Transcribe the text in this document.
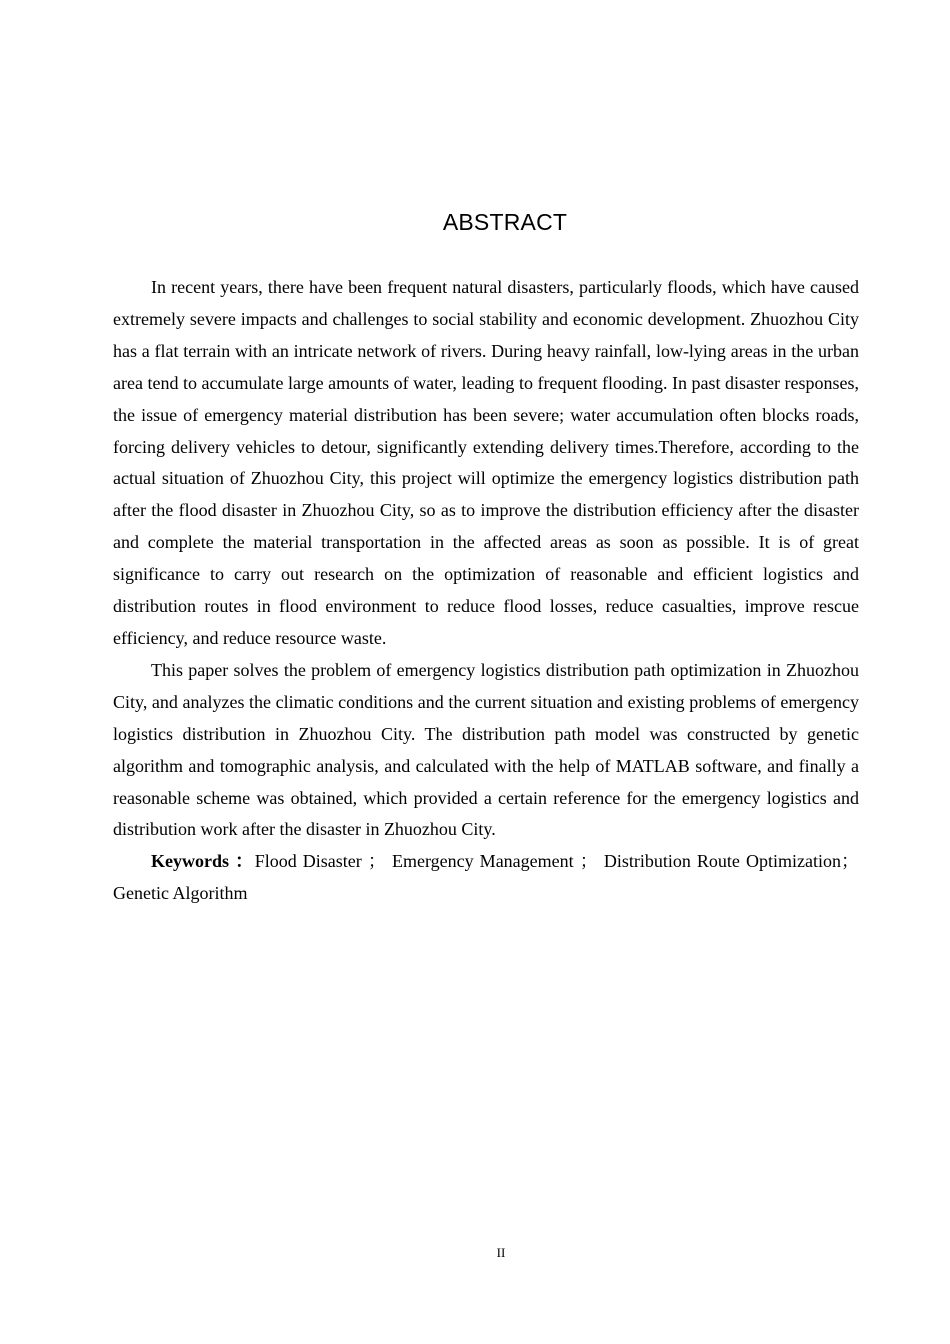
ABSTRACT

In recent years, there have been frequent natural disasters, particularly floods, which have caused extremely severe impacts and challenges to social stability and economic development. Zhuozhou City has a flat terrain with an intricate network of rivers. During heavy rainfall, low-lying areas in the urban area tend to accumulate large amounts of water, leading to frequent flooding. In past disaster responses, the issue of emergency material distribution has been severe; water accumulation often blocks roads, forcing delivery vehicles to detour, significantly extending delivery times.Therefore, according to the actual situation of Zhuozhou City, this project will optimize the emergency logistics distribution path after the flood disaster in Zhuozhou City, so as to improve the distribution efficiency after the disaster and complete the material transportation in the affected areas as soon as possible. It is of great significance to carry out research on the optimization of reasonable and efficient logistics and distribution routes in flood environment to reduce flood losses, reduce casualties, improve rescue efficiency, and reduce resource waste.

This paper solves the problem of emergency logistics distribution path optimization in Zhuozhou City, and analyzes the climatic conditions and the current situation and existing problems of emergency logistics distribution in Zhuozhou City. The distribution path model was constructed by genetic algorithm and tomographic analysis, and calculated with the help of MATLAB software, and finally a reasonable scheme was obtained, which provided a certain reference for the emergency logistics and distribution work after the disaster in Zhuozhou City.

Keywords ：Flood Disaster ； Emergency Management ； Distribution Route Optimization； Genetic Algorithm

II
